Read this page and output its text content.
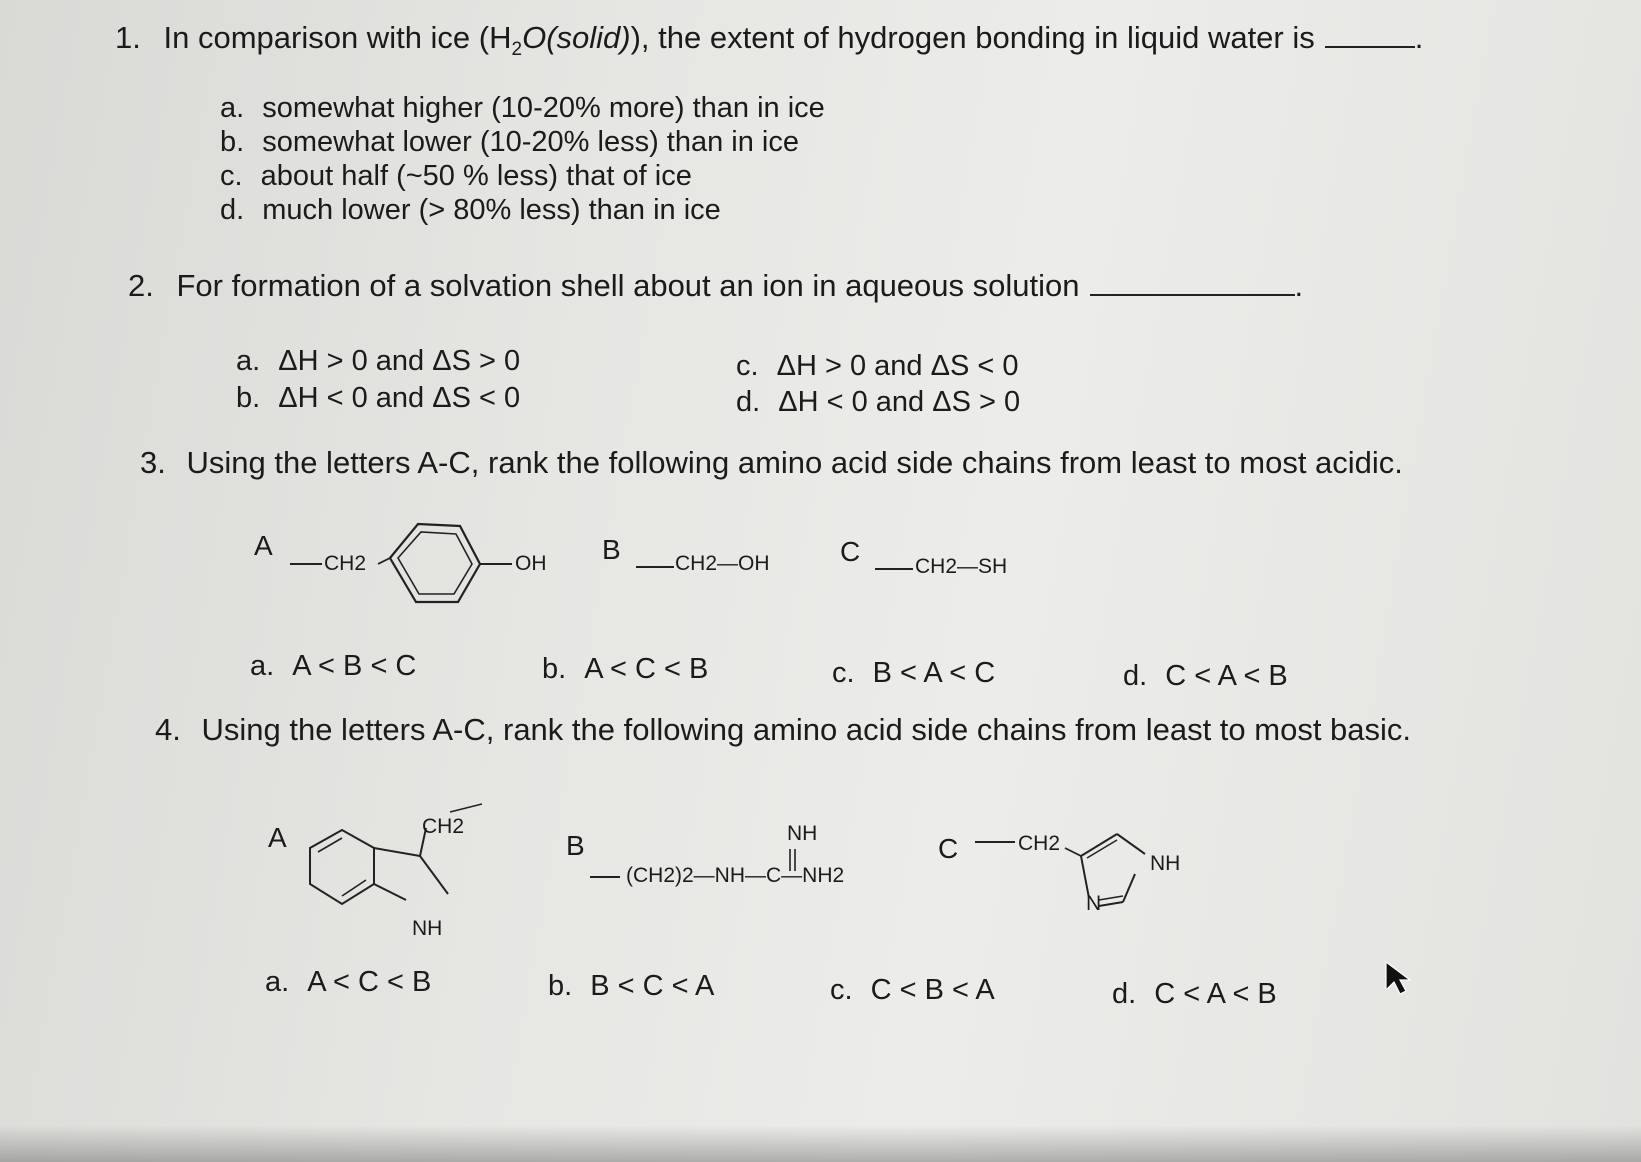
1. In comparison with ice $(H_2O(solid))$, the extent of hydrogen bonding in liquid water is	.
a. somewhat higher (10-20% more) than in ice
b. somewhat lower (10-20% less) than in ice
c. about half (~50 % less) that of ice
d. much lower (> 80% less) than in ice
2. For formation of a solvation shell about an ion in aqueous solution	.
a. ΔH > 0 and ΔS > 0
b. ΔH < 0 and ΔS < 0
c. ΔH > 0 and ΔS < 0
d. ΔH < 0 and ΔS > 0
3. Using the letters A-C, rank the following amino acid side chains from least to most acidic.
A
CH2	OH B	CH2—OH	C	CH2—SH
a. A < B < C	b. A < C < B	c. B < A < C	d. C < A < B
4. Using the letters A-C, rank the following amino acid side chains from least to most basic.
A	CH2
NH
B	NH
(CH2)2—NH—C—NH2
C	CH2
NH
N
a. A < C < B	b. B < C < A	c. C < B < A	d. C < A < B
